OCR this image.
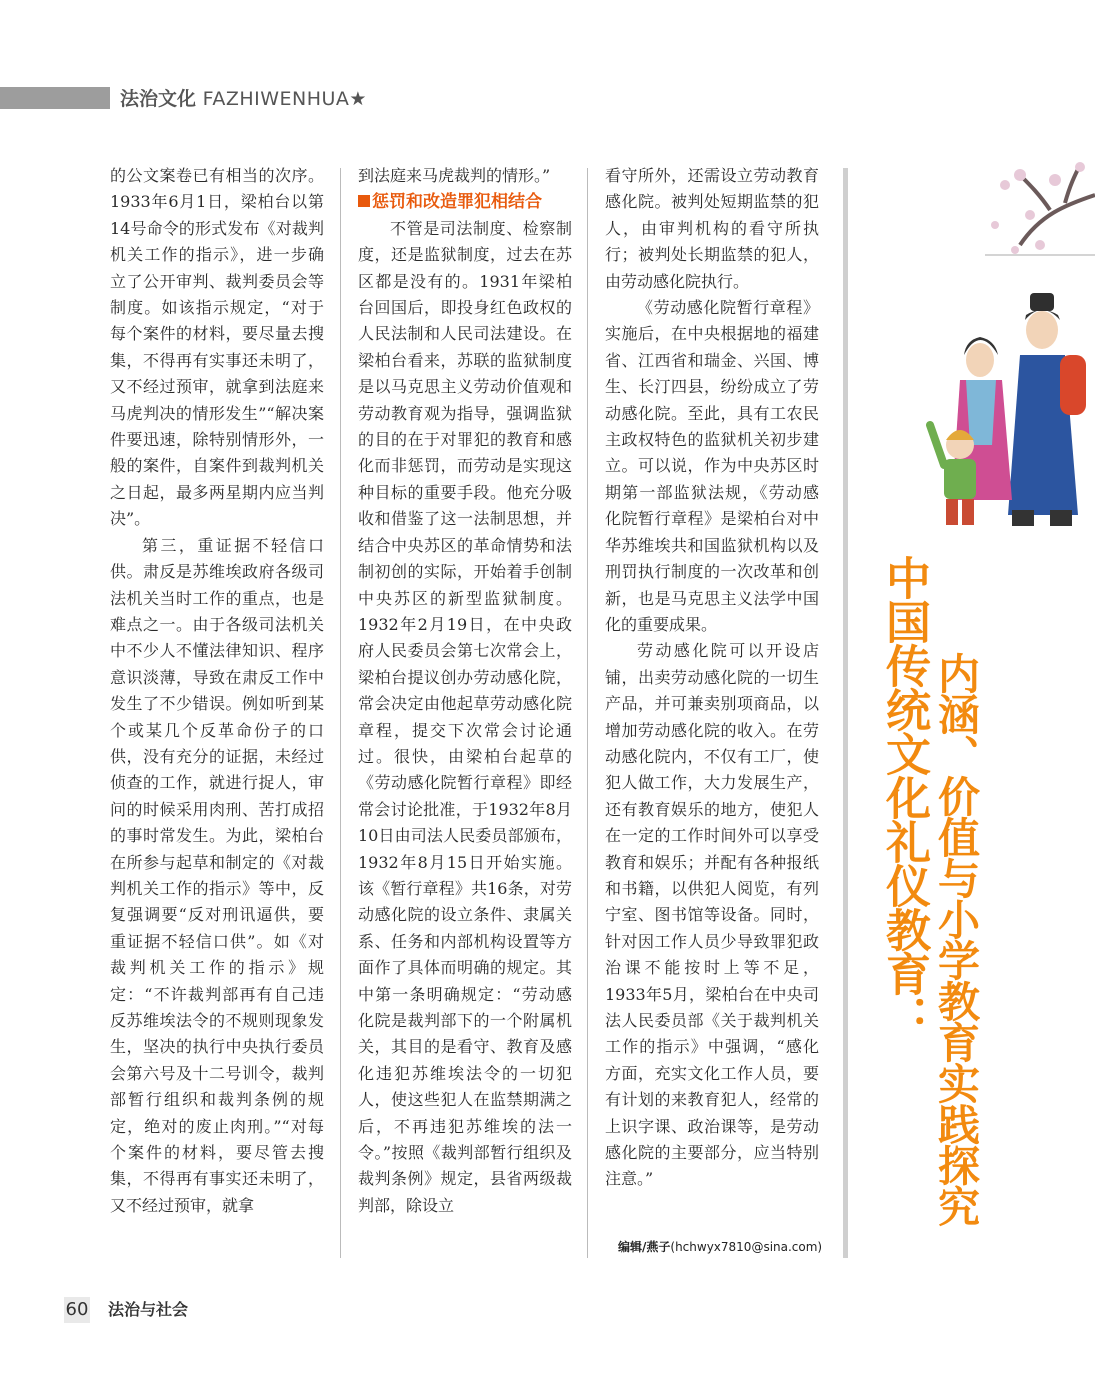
法治文化 FAZHIWENHUA★

的公文案卷已有相当的次序。1933年6月1日，梁柏台以第14号命令的形式发布《对裁判机关工作的指示》，进一步确立了公开审判、裁判委员会等制度。如该指示规定，“对于每个案件的材料，要尽量去搜集，不得再有实事还未明了，又不经过预审，就拿到法庭来马虎判决的情形发生”“解决案件要迅速，除特别情形外，一般的案件，自案件到裁判机关之日起，最多两星期内应当判决”。

第三，重证据不轻信口供。肃反是苏维埃政府各级司法机关当时工作的重点，也是难点之一。由于各级司法机关中不少人不懂法律知识、程序意识淡薄，导致在肃反工作中发生了不少错误。例如听到某个或某几个反革命份子的口供，没有充分的证据，未经过侦查的工作，就进行捉人，审问的时候采用肉刑、苦打成招的事时常发生。为此，梁柏台在所参与起草和制定的《对裁判机关工作的指示》等中，反复强调要“反对刑讯逼供，要重证据不轻信口供”。如《对裁判机关工作的指示》规定：“不许裁判部再有自己违反苏维埃法令的不规则现象发生，坚决的执行中央执行委员会第六号及十二号训令，裁判部暂行组织和裁判条例的规定，绝对的废止肉刑。”“对每个案件的材料，要尽管去搜集，不得再有事实还未明了，又不经过预审，就拿

到法庭来马虎裁判的情形。”

惩罚和改造罪犯相结合

不管是司法制度、检察制度，还是监狱制度，过去在苏区都是没有的。1931年梁柏台回国后，即投身红色政权的人民法制和人民司法建设。在梁柏台看来，苏联的监狱制度是以马克思主义劳动价值观和劳动教育观为指导，强调监狱的目的在于对罪犯的教育和感化而非惩罚，而劳动是实现这种目标的重要手段。他充分吸收和借鉴了这一法制思想，并结合中央苏区的革命情势和法制初创的实际，开始着手创制中央苏区的新型监狱制度。1932年2月19日，在中央政府人民委员会第七次常会上，梁柏台提议创办劳动感化院，常会决定由他起草劳动感化院章程，提交下次常会讨论通过。很快，由梁柏台起草的《劳动感化院暂行章程》即经常会讨论批准，于1932年8月10日由司法人民委员部颁布，1932年8月15日开始实施。该《暂行章程》共16条，对劳动感化院的设立条件、隶属关系、任务和内部机构设置等方面作了具体而明确的规定。其中第一条明确规定：“劳动感化院是裁判部下的一个附属机关，其目的是看守、教育及感化违犯苏维埃法令的一切犯人，使这些犯人在监禁期满之后，不再违犯苏维埃的法一令。”按照《裁判部暂行组织及裁判条例》规定，县省两级裁判部，除设立

看守所外，还需设立劳动教育感化院。被判处短期监禁的犯人，由审判机构的看守所执行；被判处长期监禁的犯人，由劳动感化院执行。

《劳动感化院暂行章程》实施后，在中央根据地的福建省、江西省和瑞金、兴国、博生、长汀四县，纷纷成立了劳动感化院。至此，具有工农民主政权特色的监狱机关初步建立。可以说，作为中央苏区时期第一部监狱法规，《劳动感化院暂行章程》是梁柏台对中华苏维埃共和国监狱机构以及刑罚执行制度的一次改革和创新，也是马克思主义法学中国化的重要成果。

劳动感化院可以开设店铺，出卖劳动感化院的一切生产品，并可兼卖别项商品，以增加劳动感化院的收入。在劳动感化院内，不仅有工厂，使犯人做工作，大力发展生产，还有教育娱乐的地方，使犯人在一定的工作时间外可以享受教育和娱乐；并配有各种报纸和书籍，以供犯人阅览，有列宁室、图书馆等设备。同时，针对因工作人员少导致罪犯政治课不能按时上等不足，1933年5月，梁柏台在中央司法人民委员部《关于裁判机关工作的指示》中强调，“感化方面，充实文化工作人员，要有计划的来教育犯人，经常的上识字课、政治课等，是劳动感化院的主要部分，应当特别注意。”

编辑/燕子(hchwyx7810@sina.com)
中国传统文化礼仪教育： 内涵、价值与小学教育实践探究
60 法治与社会
